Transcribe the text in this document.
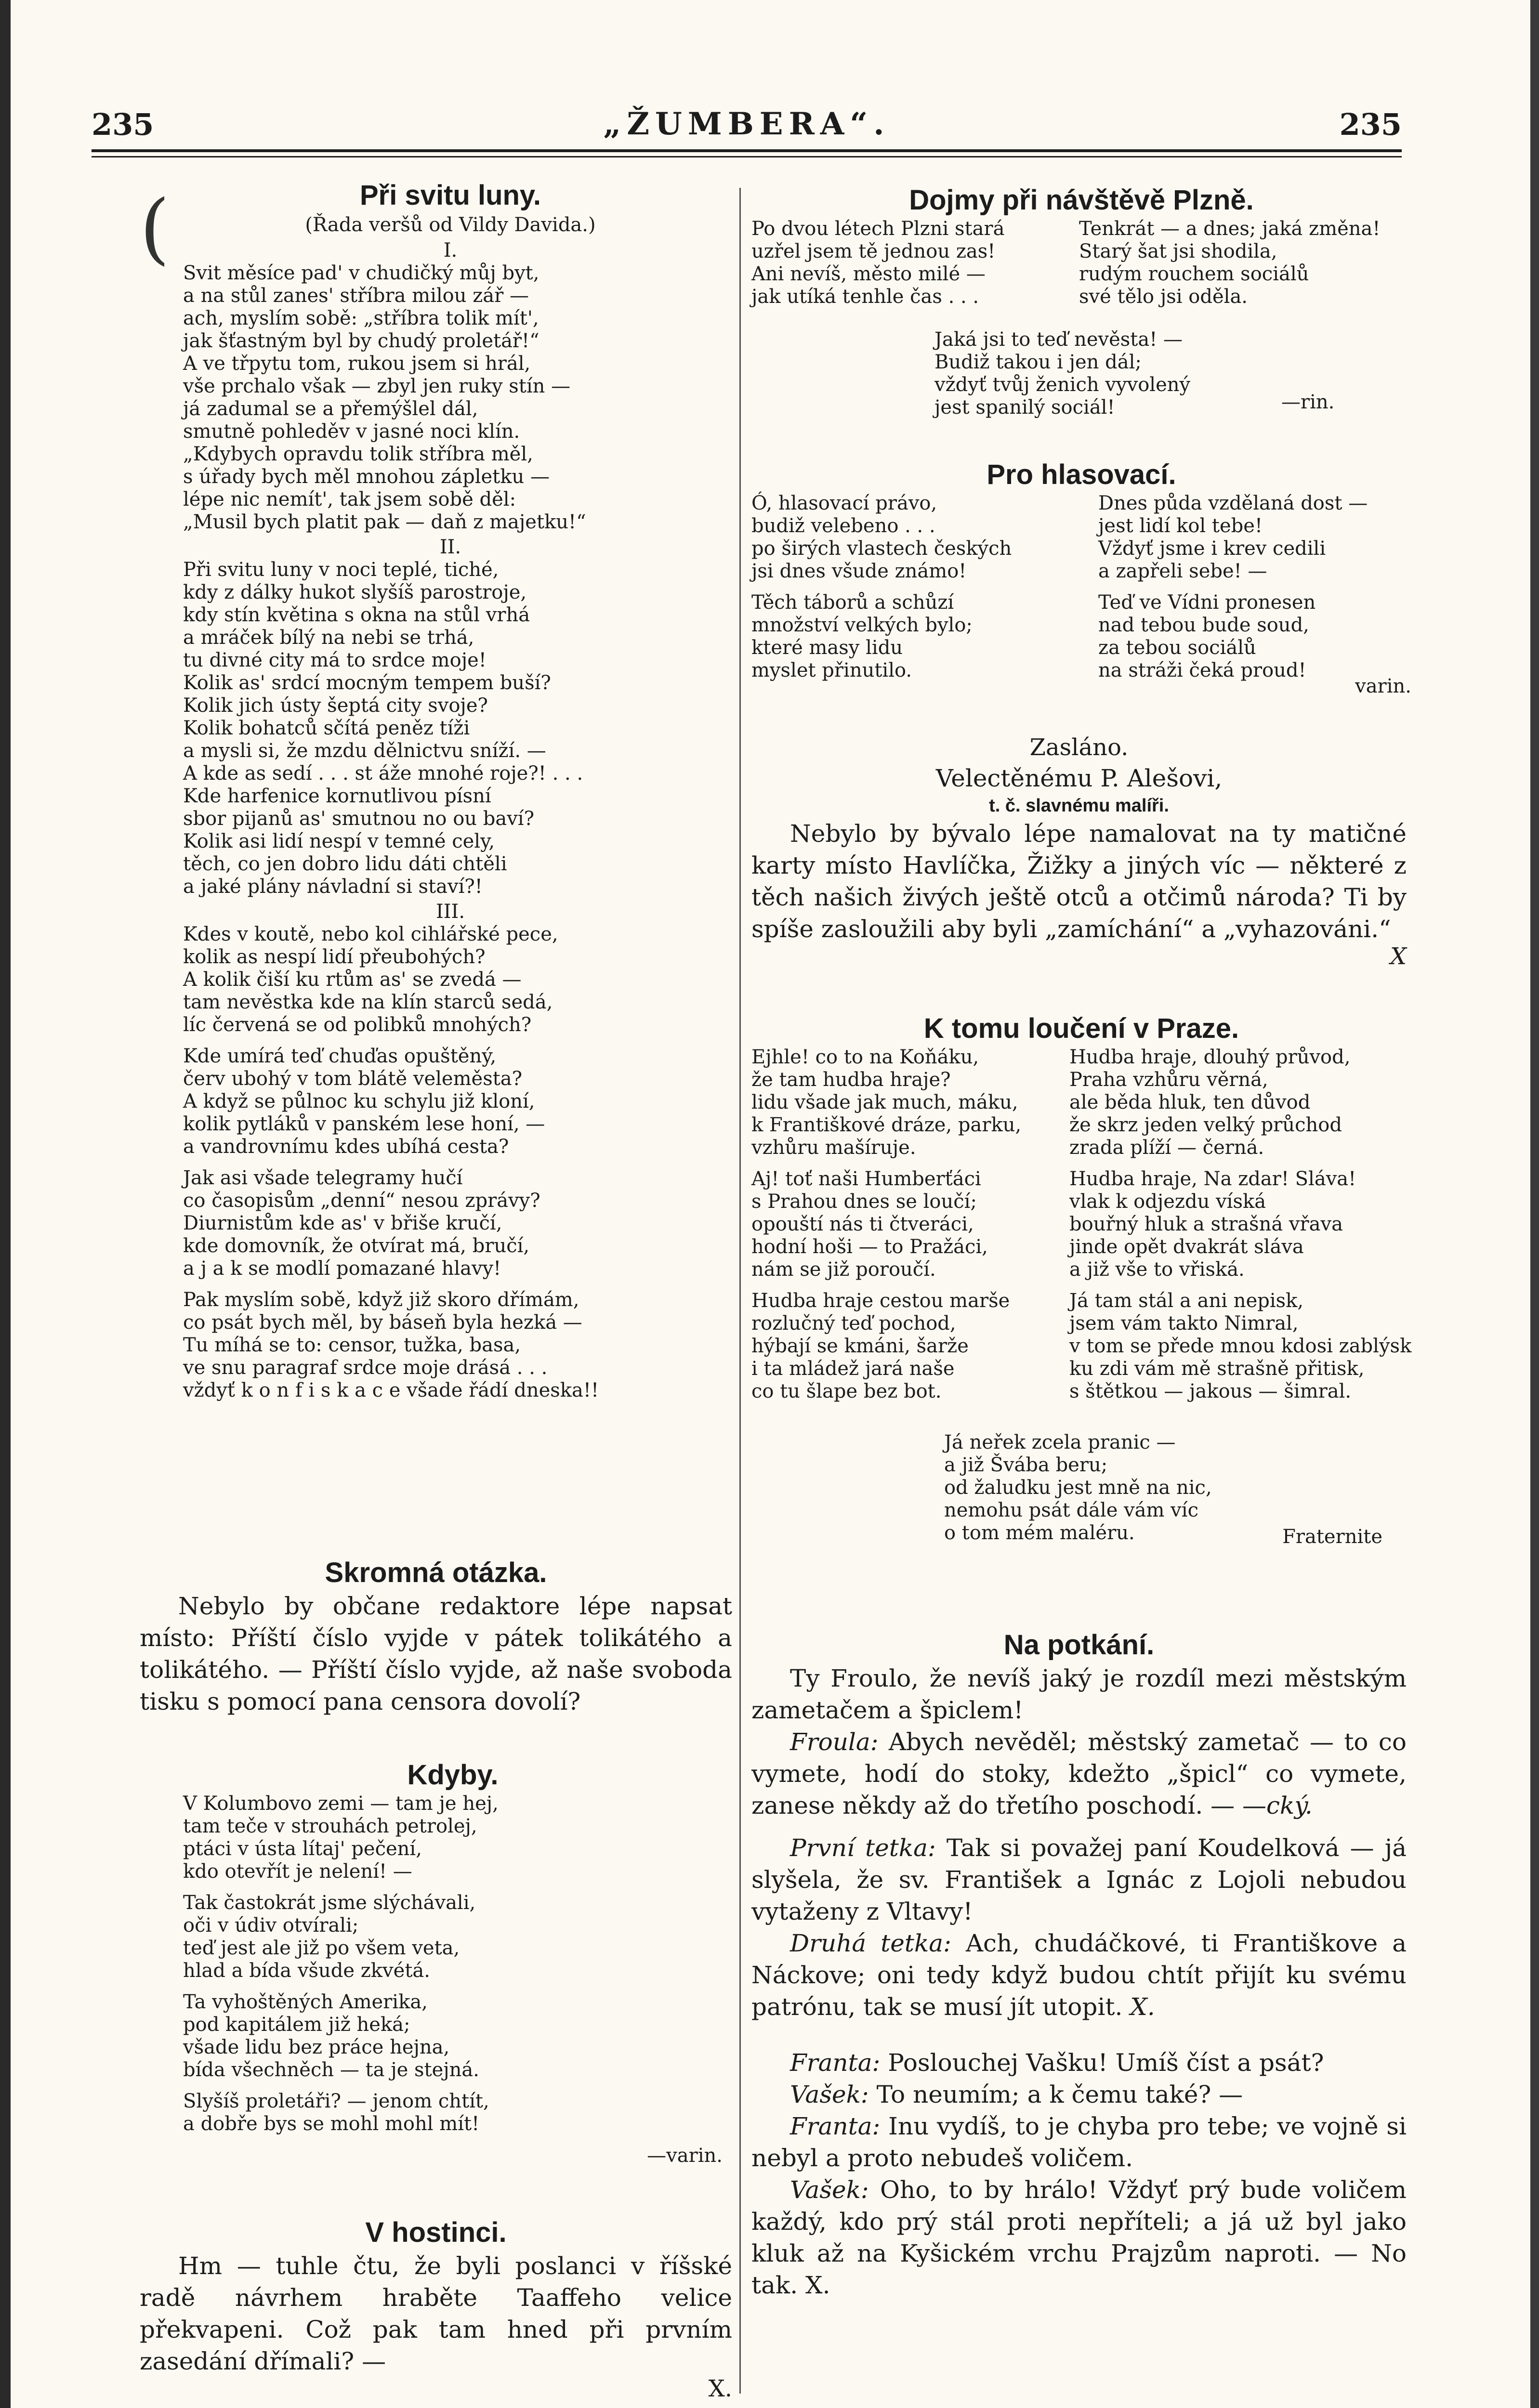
235	„ŽUMBERA“.	235
(	Při svitu luny.
(Řada veršů od Vildy Davida.)
I.
Svit měsíce pad' v chudičký můj byt,
a na stůl zanes' stříbra milou zář —
ach, myslím sobě: „stříbra tolik mít',
jak šťastným byl by chudý proletář!“
A ve třpytu tom, rukou jsem si hrál,
vše prchalo však — zbyl jen ruky stín —
já zadumal se a přemýšlel dál,
smutně pohleděv v jasné noci klín.
„Kdybych opravdu tolik stříbra měl,
s úřady bych měl mnohou zápletku —
lépe nic nemít', tak jsem sobě děl:
„Musil bych platit pak — daň z majetku!“
II.
Při svitu luny v noci teplé, tiché,
kdy z dálky hukot slyšíš parostroje,
kdy stín květina s okna na stůl vrhá
a mráček bílý na nebi se trhá,
tu divné city má to srdce moje!
Kolik as' srdcí mocným tempem buší?
Kolik jich ústy šeptá city svoje?
Kolik bohatců sčítá peněz tíži
a mysli si, že mzdu dělnictvu sníží. —
A kde as sedí . . . st áže mnohé roje?! . . .
Kde harfenice kornutlivou písní
sbor pijanů as' smutnou no ou baví?
Kolik asi lidí nespí v temné cely,
těch, co jen dobro lidu dáti chtěli
a jaké plány návladní si staví?!
III.
Kdes v koutě, nebo kol cihlářské pece,
kolik as nespí lidí přeubohých?
A kolik čiší ku rtům as' se zvedá —
tam nevěstka kde na klín starců sedá,
líc červená se od polibků mnohých?
Kde umírá teď chuďas opuštěný,
červ ubohý v tom blátě veleměsta?
A když se půlnoc ku schylu již kloní,
kolik pytláků v panském lese honí, —
a vandrovnímu kdes ubíhá cesta?
Jak asi všade telegramy hučí
co časopisům „denní“ nesou zprávy?
Diurnistům kde as' v břiše kručí,
kde domovník, že otvírat má, bručí,
a j a k se modlí pomazané hlavy!
Pak myslím sobě, když již skoro dřímám,
co psát bych měl, by báseň byla hezká —
Tu míhá se to: censor, tužka, basa,
ve snu paragraf srdce moje drásá . . .
vždyť k o n f i s k a c e všade řádí dneska!!
Skromná otázka.
Nebylo by občane redaktore lépe napsat místo: Příští číslo vyjde v pátek tolikátého a tolikátého. — Příští číslo vyjde, až naše svoboda tisku s pomocí pana censora dovolí?
Kdyby.
V Kolumbovo zemi — tam je hej,
tam teče v strouhách petrolej,
ptáci v ústa lítaj' pečení,
kdo otevřít je nelení! —
Tak častokrát jsme slýchávali,
oči v údiv otvírali;
teď jest ale již po všem veta,
hlad a bída všude zkvétá.
Ta vyhoštěných Amerika,
pod kapitálem již heká;
všade lidu bez práce hejna,
bída všechněch — ta je stejná.
Slyšíš proletáři? — jenom chtít,
a dobře bys se mohl mohl mít!
—varin.
V hostinci.
Hm — tuhle čtu, že byli poslanci v říšské radě návrhem hraběte Taaffeho velice překvapeni. Což pak tam hned při prvním zasedání dřímali? —
X.
Dojmy při návštěvě Plzně.
Po dvou létech Plzni stará
uzřel jsem tě jednou zas!
Ani nevíš, město milé —
jak utíká tenhle čas . . .
Tenkrát — a dnes; jaká změna!
Starý šat jsi shodila,
rudým rouchem sociálů
své tělo jsi oděla.
Jaká jsi to teď nevěsta! —
Budiž takou i jen dál;
vždyť tvůj ženich vyvolený
jest spanilý sociál!	—rin.
Pro hlasovací.
Ó, hlasovací právo,
budiž velebeno . . .
po širých vlastech českých
jsi dnes všude známo!
Těch táborů a schůzí
množství velkých bylo;
které masy lidu
myslet přinutilo.
Dnes půda vzdělaná dost —
jest lidí kol tebe!
Vždyť jsme i krev cedili
a zapřeli sebe! —
Teď ve Vídni pronesen
nad tebou bude soud,
za tebou sociálů
na stráži čeká proud!
varin.
Zasláno.
Velectěnému P. Alešovi,
t. č. slavnému malíři.
Nebylo by bývalo lépe namalovat na ty matičné karty místo Havlíčka, Žižky a jiných víc — některé z těch našich živých ještě otců a otčimů národa? Ti by spíše zasloužili aby byli „zamíchání“ a „vyhazováni.“
X
K tomu loučení v Praze.
Ejhle! co to na Koňáku,
že tam hudba hraje?
lidu všade jak much, máku,
k Františkové dráze, parku,
vzhůru mašíruje.
Aj! toť naši Humberťáci
s Prahou dnes se loučí;
opouští nás ti čtveráci,
hodní hoši — to Pražáci,
nám se již poroučí.
Hudba hraje cestou marše
rozlučný teď pochod,
hýbají se kmáni, šarže
i ta mládež jará naše
co tu šlape bez bot.
Hudba hraje, dlouhý průvod,
Praha vzhůru věrná,
ale běda hluk, ten důvod
že skrz jeden velký průchod
zrada plíží — černá.
Hudba hraje, Na zdar! Sláva!
vlak k odjezdu víská
bouřný hluk a strašná vřava
jinde opět dvakrát sláva
a již vše to vřiská.
Já tam stál a ani nepisk,
jsem vám takto Nimral,
v tom se přede mnou kdosi zablýsk
ku zdi vám mě strašně přitisk,
s štětkou — jakous — šimral.
Já neřek zcela pranic —
a již Švába beru;
od žaludku jest mně na nic,
nemohu psát dále vám víc
o tom mém maléru.	Fraternite
Na potkání.
Ty Froulo, že nevíš jaký je rozdíl mezi městským zametačem a špiclem!
Froula: Abych nevěděl; městský zametač — to co vymete, hodí do stoky, kdežto „špicl“ co vymete, zanese někdy až do třetího poschodí. — —cký.
První tetka: Tak si považej paní Koudelková — já slyšela, že sv. František a Ignác z Lojoli nebudou vytaženy z Vltavy!
Druhá tetka: Ach, chudáčkové, ti Františkove a Náckove; oni tedy když budou chtít přijít ku svému patrónu, tak se musí jít utopit. X.
Franta: Poslouchej Vašku! Umíš číst a psát?
Vašek: To neumím; a k čemu také? —
Franta: Inu vydíš, to je chyba pro tebe; ve vojně si nebyl a proto nebudeš voličem.
Vašek: Oho, to by hrálo! Vždyť prý bude voličem každý, kdo prý stál proti nepříteli; a já už byl jako kluk až na Kyšickém vrchu Prajzům naproti. — No tak. X.
